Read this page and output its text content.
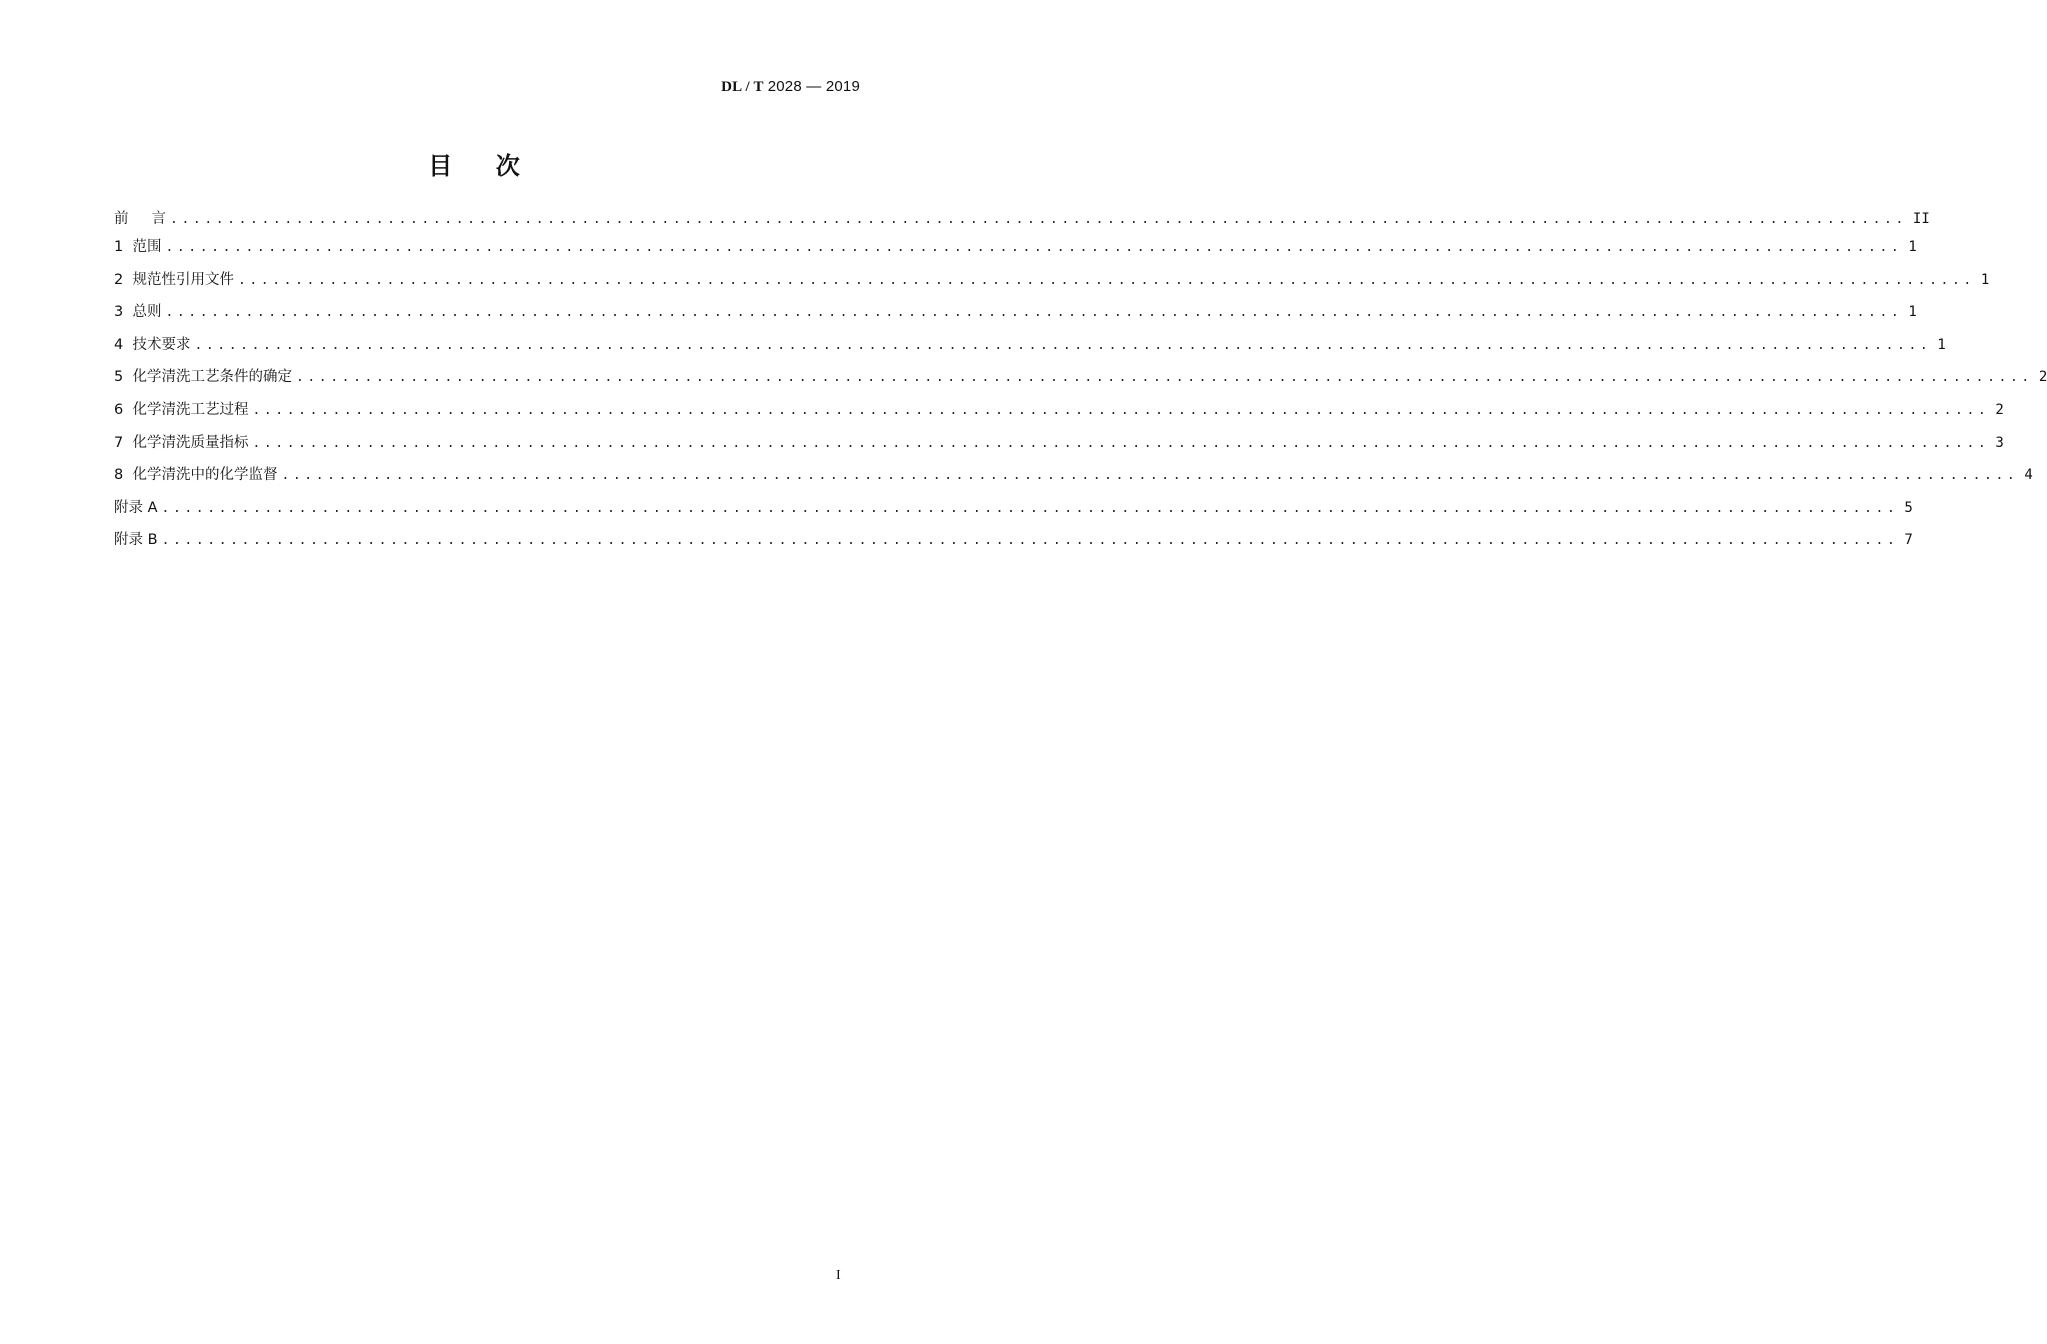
DL / T 2028 — 2019
目    次
前     言 ........................................................................................................................................................ II
1  范围 ........................................................................................................................................................ 1
2  规范性引用文件 ........................................................................................................................................................ 1
3  总则 ........................................................................................................................................................ 1
4  技术要求 ........................................................................................................................................................ 1
5  化学清洗工艺条件的确定 ........................................................................................................................................................ 2
6  化学清洗工艺过程 ........................................................................................................................................................ 2
7  化学清洗质量指标 ........................................................................................................................................................ 3
8  化学清洗中的化学监督 ........................................................................................................................................................ 4
附录 A ........................................................................................................................................................ 5
附录 B ........................................................................................................................................................ 7
I
